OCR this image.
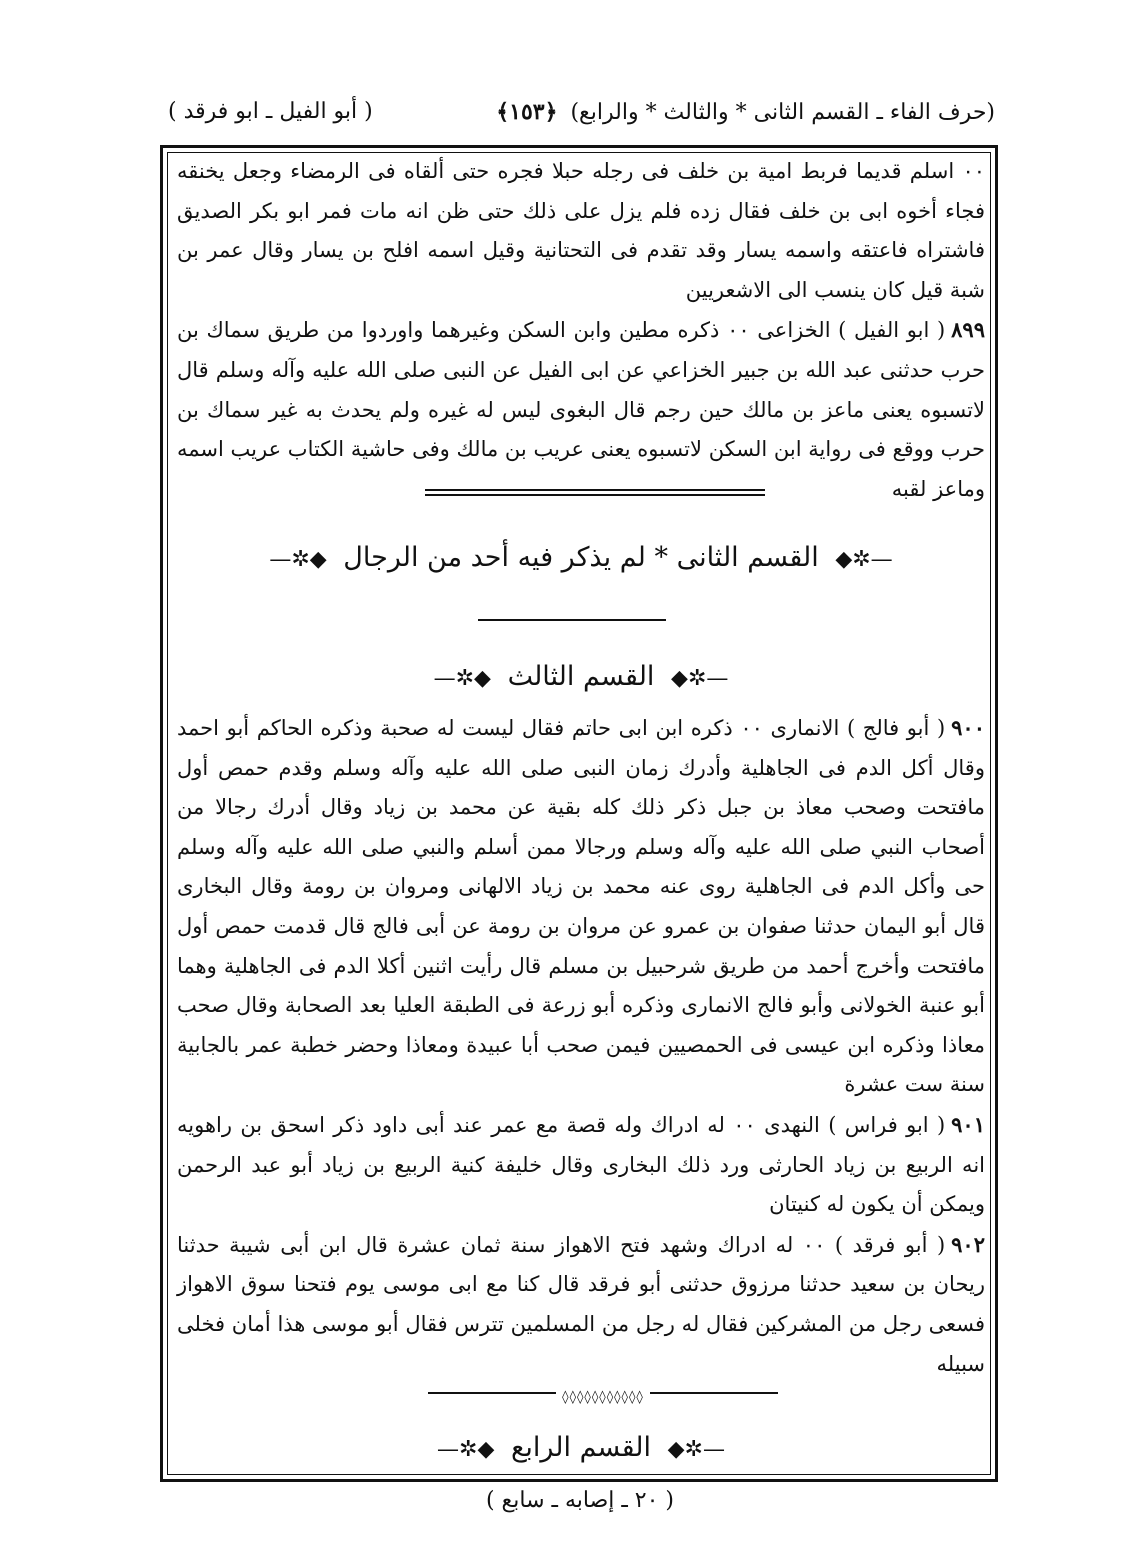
(حرف الفاء ـ القسم الثانى * والثالث * والرابع) ﴿١٥٣﴾
( أبو الفيل ـ ابو فرقد )

٠٠ اسلم قديما فربط امية بن خلف فى رجله حبلا فجره حتى ألقاه فى الرمضاء وجعل يخنقه فجاء أخوه ابى بن خلف فقال زده فلم يزل على ذلك حتى ظن انه مات فمر ابو بكر الصديق فاشتراه فاعتقه واسمه يسار وقد تقدم فى التحتانية وقيل اسمه افلح بن يسار وقال عمر بن شبة قيل كان ينسب الى الاشعريين

٨٩٩( ابو الفيل ) الخزاعى ٠٠ ذكره مطين وابن السكن وغيرهما واوردوا من طريق سماك بن حرب حدثنى عبد الله بن جبير الخزاعي عن ابى الفيل عن النبى صلى الله عليه وآله وسلم قال لاتسبوه يعنى ماعز بن مالك حين رجم قال البغوى ليس له غيره ولم يحدث به غير سماك بن حرب ووقع فى رواية ابن السكن لاتسبوه يعنى عريب بن مالك وفى حاشية الكتاب عريب اسمه وماعز لقبه

—✲◆ القسم الثانى * لم يذكر فيه أحد من الرجال ◆✲—
—✲◆ القسم الثالث ◆✲—

٩٠٠( أبو فالج ) الانمارى ٠٠ ذكره ابن ابى حاتم فقال ليست له صحبة وذكره الحاكم أبو احمد وقال أكل الدم فى الجاهلية وأدرك زمان النبى صلى الله عليه وآله وسلم وقدم حمص أول مافتحت وصحب معاذ بن جبل ذكر ذلك كله بقية عن محمد بن زياد وقال أدرك رجالا من أصحاب النبي صلى الله عليه وآله وسلم ورجالا ممن أسلم والنبي صلى الله عليه وآله وسلم حى وأكل الدم فى الجاهلية روى عنه محمد بن زياد الالهانى ومروان بن رومة وقال البخارى قال أبو اليمان حدثنا صفوان بن عمرو عن مروان بن رومة عن أبى فالج قال قدمت حمص أول مافتحت وأخرج أحمد من طريق شرحبيل بن مسلم قال رأيت اثنين أكلا الدم فى الجاهلية وهما أبو عنبة الخولانى وأبو فالج الانمارى وذكره أبو زرعة فى الطبقة العليا بعد الصحابة وقال صحب معاذا وذكره ابن عيسى فى الحمصيين فيمن صحب أبا عبيدة ومعاذا وحضر خطبة عمر بالجابية سنة ست عشرة

٩٠١( ابو فراس ) النهدى ٠٠ له ادراك وله قصة مع عمر عند أبى داود ذكر اسحق بن راهويه انه الربيع بن زياد الحارثى ورد ذلك البخارى وقال خليفة كنية الربيع بن زياد أبو عبد الرحمن ويمكن أن يكون له كنيتان

٩٠٢( أبو فرقد ) ٠٠ له ادراك وشهد فتح الاهواز سنة ثمان عشرة قال ابن أبى شيبة حدثنا ريحان بن سعيد حدثنا مرزوق حدثنى أبو فرقد قال كنا مع ابى موسى يوم فتحنا سوق الاهواز فسعى رجل من المشركين فقال له رجل من المسلمين تترس فقال أبو موسى هذا أمان فخلى سبيله

◊◊◊◊◊◊◊◊◊◊◊
—✲◆ القسم الرابع ◆✲—
( ٢٠ ـ إصابه ـ سابع )
